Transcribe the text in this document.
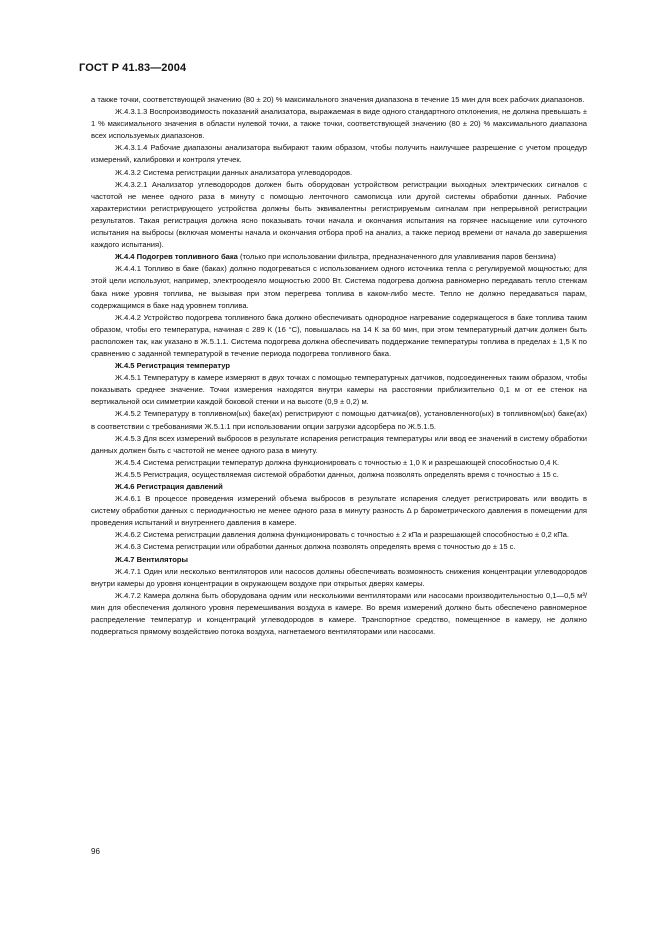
ГОСТ Р 41.83—2004

а также точки, соответствующей значению (80 ± 20) % максимального значения диапазона в течение 15 мин для всех рабочих диапазонов.

Ж.4.3.1.3 Воспроизводимость показаний анализатора, выражаемая в виде одного стандартного отклонения, не должна превышать ± 1 % максимального значения в области нулевой точки, а также точки, соответствующей значению (80 ± 20) % максимального диапазона всех используемых диапазонов.

Ж.4.3.1.4 Рабочие диапазоны анализатора выбирают таким образом, чтобы получить наилучшее разрешение с учетом процедур измерений, калибровки и контроля утечек.

Ж.4.3.2 Система регистрации данных анализатора углеводородов.

Ж.4.3.2.1 Анализатор углеводородов должен быть оборудован устройством регистрации выходных электрических сигналов с частотой не менее одного раза в минуту с помощью ленточного самописца или другой системы обработки данных. Рабочие характеристики регистрирующего устройства должны быть эквивалентны регистрируемым сигналам при непрерывной регистрации результатов. Такая регистрация должна ясно показывать точки начала и окончания испытания на горячее насыщение или суточного испытания на выбросы (включая моменты начала и окончания отбора проб на анализ, а также период времени от начала до завершения каждого испытания).

Ж.4.4 Подогрев топливного бака (только при использовании фильтра, предназначенного для улавливания паров бензина)

Ж.4.4.1 Топливо в баке (баках) должно подогреваться с использованием одного источника тепла с регулируемой мощностью; для этой цели используют, например, электроодеяло мощностью 2000 Вт. Система подогрева должна равномерно передавать тепло стенкам бака ниже уровня топлива, не вызывая при этом перегрева топлива в каком-либо месте. Тепло не должно передаваться парам, содержащимся в баке над уровнем топлива.

Ж.4.4.2 Устройство подогрева топливного бака должно обеспечивать однородное нагревание содержащегося в баке топлива таким образом, чтобы его температура, начиная с 289 К (16 °С), повышалась на 14 К за 60 мин, при этом температурный датчик должен быть расположен так, как указано в Ж.5.1.1. Система подогрева должна обеспечивать поддержание температуры топлива в пределах ± 1,5 К по сравнению с заданной температурой в течение периода подогрева топливного бака.

Ж.4.5 Регистрация температур

Ж.4.5.1 Температуру в камере измеряют в двух точках с помощью температурных датчиков, подсоединенных таким образом, чтобы показывать среднее значение. Точки измерения находятся внутри камеры на расстоянии приблизительно 0,1 м от ее стенок на вертикальной оси симметрии каждой боковой стенки и на высоте (0,9 ± 0,2) м.

Ж.4.5.2 Температуру в топливном(ых) баке(ах) регистрируют с помощью датчика(ов), установленного(ых) в топливном(ых) баке(ах) в соответствии с требованиями Ж.5.1.1 при использовании опции загрузки адсорбера по Ж.5.1.5.

Ж.4.5.3 Для всех измерений выбросов в результате испарения регистрация температуры или ввод ее значений в систему обработки данных должен быть с частотой не менее одного раза в минуту.

Ж.4.5.4 Система регистрации температур должна функционировать с точностью ± 1,0 К и разрешающей способностью 0,4 К.

Ж.4.5.5 Регистрация, осуществляемая системой обработки данных, должна позволять определять время с точностью ± 15 с.

Ж.4.6 Регистрация давлений

Ж.4.6.1 В процессе проведения измерений объема выбросов в результате испарения следует регистрировать или вводить в систему обработки данных с периодичностью не менее одного раза в минуту разность Δ p барометрического давления в помещении для проведения испытаний и внутреннего давления в камере.

Ж.4.6.2 Система регистрации давления должна функционировать с точностью ± 2 кПа и разрешающей способностью ± 0,2 кПа.

Ж.4.6.3 Система регистрации или обработки данных должна позволять определять время с точностью до ± 15 с.

Ж.4.7 Вентиляторы

Ж.4.7.1 Один или несколько вентиляторов или насосов должны обеспечивать возможность снижения концентрации углеводородов внутри камеры до уровня концентрации в окружающем воздухе при открытых дверях камеры.

Ж.4.7.2 Камера должна быть оборудована одним или несколькими вентиляторами или насосами производительностью 0,1—0,5 м³/мин для обеспечения должного уровня перемешивания воздуха в камере. Во время измерений должно быть обеспечено равномерное распределение температур и концентраций углеводородов в камере. Транспортное средство, помещенное в камеру, не должно подвергаться прямому воздействию потока воздуха, нагнетаемого вентиляторами или насосами.

96
